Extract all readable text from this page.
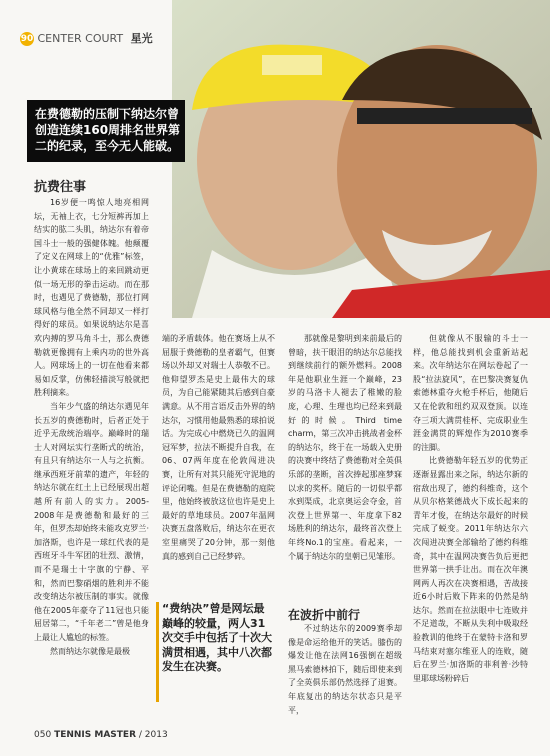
90 CENTER COURT 星光
在费德勒的压制下纳达尔曾创造连续160周排名世界第二的纪录，至今无人能破。
抗费往事

16岁便一鸣惊人地亮相网坛，无袖上衣，七分短裤再加上结实的肱二头肌，纳达尔有着帝国斗士一般的强健体魄。他颠覆了定义在网球上的“优雅”标签，让小黄球在球场上的来回跳动更似一场无形的拳击运动。而在那时，也遇见了费德勒，那位打网球风格与他全然不同却又一样打得好的球员。如果说纳达尔是喜欢内搏的罗马角斗士，那么费德勒就更像拥有上乘内功的世外高人。网球场上的一切在他看来都易如反掌，仿佛轻描淡写般就把胜利摘来。

当年少气盛的纳达尔遇见年长五岁的费德勒时，后者正处于近乎无敌统治端亭。巅峰时的瑞士人对网坛实行垄断式的统治，有且只有纳达尔一人与之抗衡。继承西班牙前辈的遗产，年轻的纳达尔就在红土上已经展现出超越所有前人的实力。2005-2008年是费德勒和最好的三年，但罗杰却始终未能攻克罗兰·加洛斯，也许是一球红代表的是西班牙斗牛军团的壮烈、激情，而不是瑞士十字旗的宁静、平和，然而巴黎硝烟的胜利并不能改变纳达尔被压制的事实。就像他在2005年豪夺了11冠也只能屈居第二，“千年老二”曾是他身上最让人尴尬的标签。

然而纳达尔就像是最极

端的矛盾载体。他在赛场上从不屈服于费德勒的皇者霸气，但赛场以外却又对瑞士人恭敬不已。他仰望罗杰是史上最伟大的球员，为自己能紧随其后感到自豪满意。从不用言语反击外界的纳达尔，习惯用他最熟悉的球拍说话。为完成心中燃烧已久的温网冠军梦，拉法不断提升自我，在06、07两年度在伦敦闯进决赛，让所有对其只能死守泥地的评论闭嘴。但是在费德勒的庭院里，他始终被放这位也许是史上最好的草地球员。2007年温网决赛五盘落败后，纳达尔在更衣室里痛哭了20分钟，那一刻他真的感到自己已经梦碎。

“费纳决”曾是网坛最巅峰的较量，两人31次交手中包括了十次大满贯相遇，其中八次都发生在决赛。

那就像是黎明到来前最后的曾暗，扶干眼泪的纳达尔总能找到继续前行的额外燃料。2008年是他职业生涯一个巅峰，23岁的马洛卡人褪去了稚嫩的脸庞，心理、生理也均已经来到最好的时候。Third time charm，第三次冲击挑战者金杯的纳达尔，终于在一场载入史册的决赛中终结了费德勒对全英俱乐部的垄断，首次捧起那座梦寐以求的奖杯。随后的一切似乎都水到渠成，北京奥运会夺金，首次登上世界第一、年度拿下82场胜利的纳达尔，最终首次登上年终No.1的宝座。看起来，一个属于纳达尔的皇朝已见雏形。

在波折中前行

不过纳达尔的2009赛季却像是命运给他开的笑话。膝伤的爆发让他在法网16强倒在超级黑马索德林拍下，随后即使来到了全英俱乐部仍然选择了退赛。年底复出的纳达尔状态只是平平，

但就像从不服输的斗士一样，他总能找到机会重新站起来。次年纳达尔在网坛卷起了一股“拉法旋风”，在巴黎决赛复仇索德林重夺火枪手杯后，他随后又在伦敦和纽约双双登顶。以连夺三项大满贯桂杯、完成职业生涯金满贯的辉煌作为2010赛季的注脚。

比费德勒年轻五岁的优势正逐渐显露出来之际，纳达尔新的宿敌出现了，德约科维奇，这个从贝尔格莱德战火下成长起来的青年才俊，在纳达尔最好的时候完成了蜕变。2011年纳达尔六次闯进决赛全部输给了德约科维奇，其中在温网决赛告负后更把世界第一拱手让出。而在次年澳网两人再次在决赛相遇，苦战接近6小时后败下阵来的仍然是纳达尔。然而在拉法眼中七连败并不足道哉，不断从失利中吸取经验教训的他终于在蒙特卡洛和罗马结束对塞尔维亚人的连败，随后在罗兰·加洛斯的菲利普·沙特里耶球场粉碎后

050 TENNIS MASTER / 2013
